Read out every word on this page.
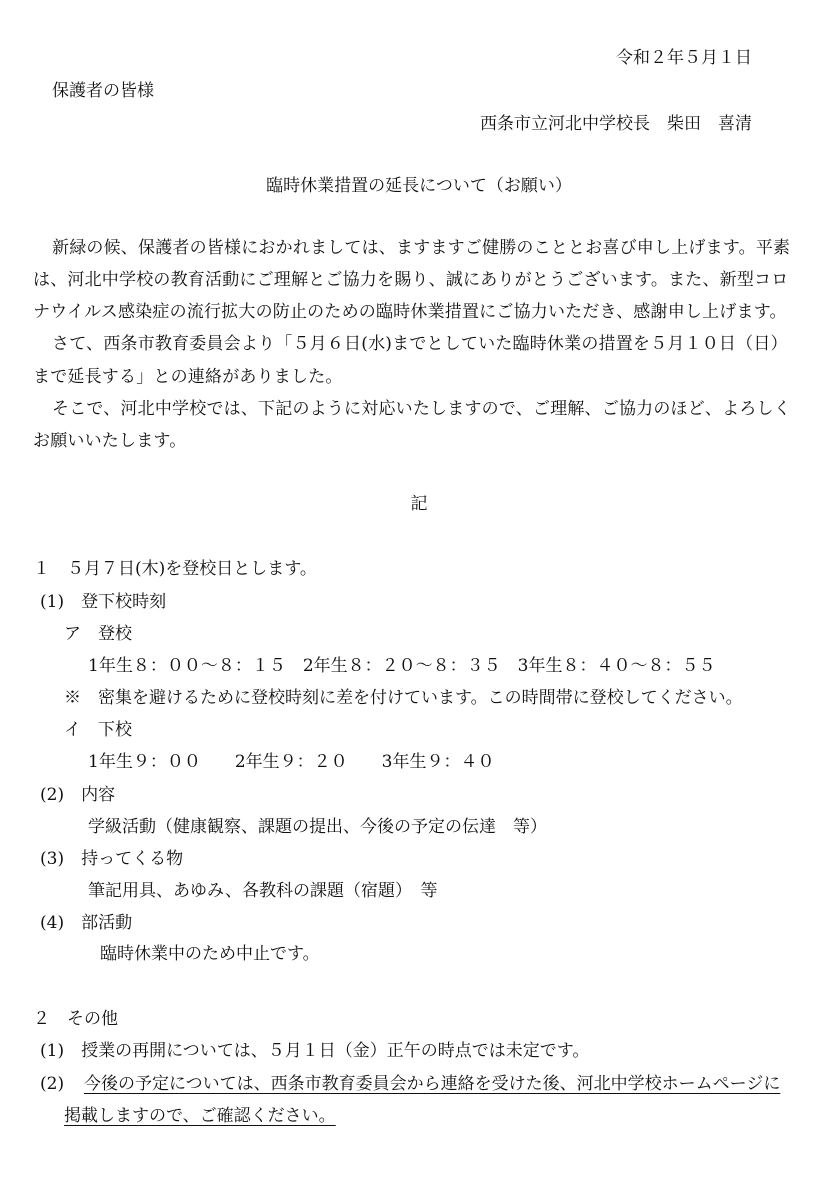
令和２年５月１日
保護者の皆様
西条市立河北中学校長　柴田　喜清
臨時休業措置の延長について（お願い）
新緑の候、保護者の皆様におかれましては、ますますご健勝のこととお喜び申し上げます。平素
は、河北中学校の教育活動にご理解とご協力を賜り、誠にありがとうございます。また、新型コロ
ナウイルス感染症の流行拡大の防止のための臨時休業措置にご協力いただき、感謝申し上げます。
さて、西条市教育委員会より「５月６日(水)までとしていた臨時休業の措置を５月１０日（日）
まで延長する」との連絡がありました。
そこで、河北中学校では、下記のように対応いたしますので、ご理解、ご協力のほど、よろしく
お願いいたします。
記
１　５月７日(木)を登校日とします。
(1)　登下校時刻
ア　登校
1年生８：００～８：１５　2年生８：２０～８：３５　3年生８：４０～８：５５
※　密集を避けるために登校時刻に差を付けています。この時間帯に登校してください。
イ　下校
1年生９：００　　2年生９：２０　　3年生９：４０
(2)　内容
学級活動（健康観察、課題の提出、今後の予定の伝達　等）
(3)　持ってくる物
筆記用具、あゆみ、各教科の課題（宿題）　等
(4)　部活動
臨時休業中のため中止です。
２　その他
(1)　授業の再開については、５月１日（金）正午の時点では未定です。
(2) 今後の予定については、西条市教育委員会から連絡を受けた後、河北中学校ホームページに
掲載しますので、ご確認ください。
